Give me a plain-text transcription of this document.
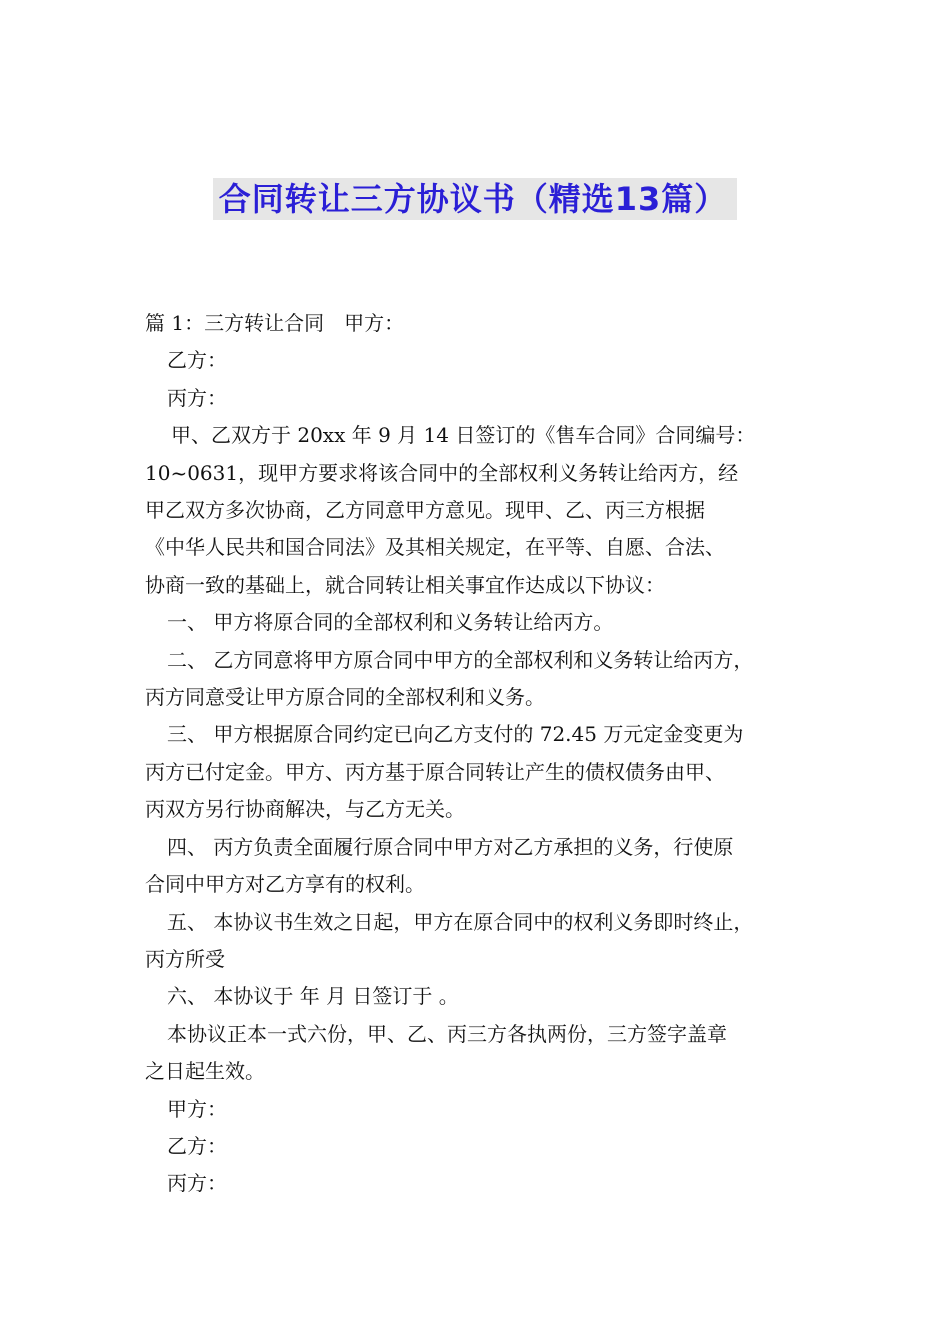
合同转让三方协议书（精选13篇）

篇 1：三方转让合同　甲方：

乙方：

丙方：

甲、乙双方于 20xx 年 9 月 14 日签订的《售车合同》合同编号：

10~0631，现甲方要求将该合同中的全部权利义务转让给丙方，经

甲乙双方多次协商，乙方同意甲方意见。现甲、乙、丙三方根据

《中华人民共和国合同法》及其相关规定，在平等、自愿、合法、

协商一致的基础上，就合同转让相关事宜作达成以下协议：

一、 甲方将原合同的全部权利和义务转让给丙方。

二、 乙方同意将甲方原合同中甲方的全部权利和义务转让给丙方，

丙方同意受让甲方原合同的全部权利和义务。

三、 甲方根据原合同约定已向乙方支付的 72.45 万元定金变更为

丙方已付定金。甲方、丙方基于原合同转让产生的债权债务由甲、

丙双方另行协商解决，与乙方无关。

四、 丙方负责全面履行原合同中甲方对乙方承担的义务，行使原

合同中甲方对乙方享有的权利。

五、 本协议书生效之日起，甲方在原合同中的权利义务即时终止，

丙方所受

六、 本协议于 年 月 日签订于 。

本协议正本一式六份，甲、乙、丙三方各执两份，三方签字盖章

之日起生效。

甲方：

乙方：

丙方：
